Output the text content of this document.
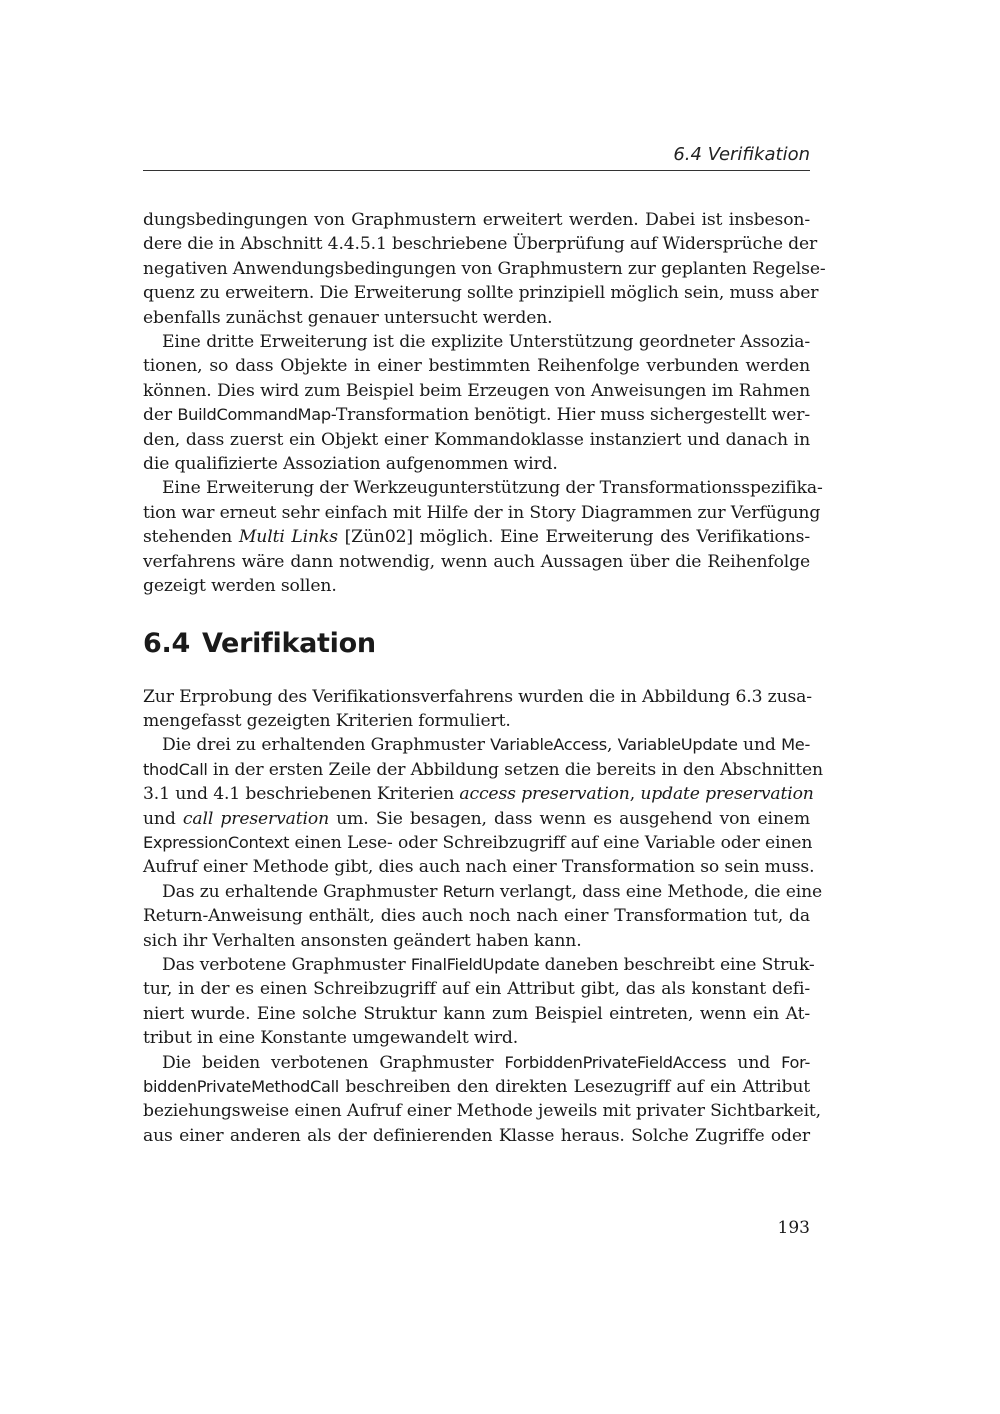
6.4 Verifikation

dungsbedingungen von Graphmustern erweitert werden. Dabei ist insbeson-
dere die in Abschnitt 4.4.5.1 beschriebene Überprüfung auf Widersprüche der
negativen Anwendungsbedingungen von Graphmustern zur geplanten Regelse-
quenz zu erweitern. Die Erweiterung sollte prinzipiell möglich sein, muss aber
ebenfalls zunächst genauer untersucht werden.

Eine dritte Erweiterung ist die explizite Unterstützung geordneter Assozia-
tionen, so dass Objekte in einer bestimmten Reihenfolge verbunden werden
können. Dies wird zum Beispiel beim Erzeugen von Anweisungen im Rahmen
der BuildCommandMap-Transformation benötigt. Hier muss sichergestellt wer-
den, dass zuerst ein Objekt einer Kommandoklasse instanziert und danach in
die qualifizierte Assoziation aufgenommen wird.

Eine Erweiterung der Werkzeugunterstützung der Transformationsspezifika-
tion war erneut sehr einfach mit Hilfe der in Story Diagrammen zur Verfügung
stehenden Multi Links [Zün02] möglich. Eine Erweiterung des Verifikations-
verfahrens wäre dann notwendig, wenn auch Aussagen über die Reihenfolge
gezeigt werden sollen.

6.4 Verifikation

Zur Erprobung des Verifikationsverfahrens wurden die in Abbildung 6.3 zusa-
mengefasst gezeigten Kriterien formuliert.

Die drei zu erhaltenden Graphmuster VariableAccess, VariableUpdate und Me-
thodCall in der ersten Zeile der Abbildung setzen die bereits in den Abschnitten
3.1 und 4.1 beschriebenen Kriterien access preservation, update preservation
und call preservation um. Sie besagen, dass wenn es ausgehend von einem
ExpressionContext einen Lese- oder Schreibzugriff auf eine Variable oder einen
Aufruf einer Methode gibt, dies auch nach einer Transformation so sein muss.

Das zu erhaltende Graphmuster Return verlangt, dass eine Methode, die eine
Return-Anweisung enthält, dies auch noch nach einer Transformation tut, da
sich ihr Verhalten ansonsten geändert haben kann.

Das verbotene Graphmuster FinalFieldUpdate daneben beschreibt eine Struk-
tur, in der es einen Schreibzugriff auf ein Attribut gibt, das als konstant defi-
niert wurde. Eine solche Struktur kann zum Beispiel eintreten, wenn ein At-
tribut in eine Konstante umgewandelt wird.

Die beiden verbotenen Graphmuster ForbiddenPrivateFieldAccess und For-
biddenPrivateMethodCall beschreiben den direkten Lesezugriff auf ein Attribut
beziehungsweise einen Aufruf einer Methode jeweils mit privater Sichtbarkeit,
aus einer anderen als der definierenden Klasse heraus. Solche Zugriffe oder

193
